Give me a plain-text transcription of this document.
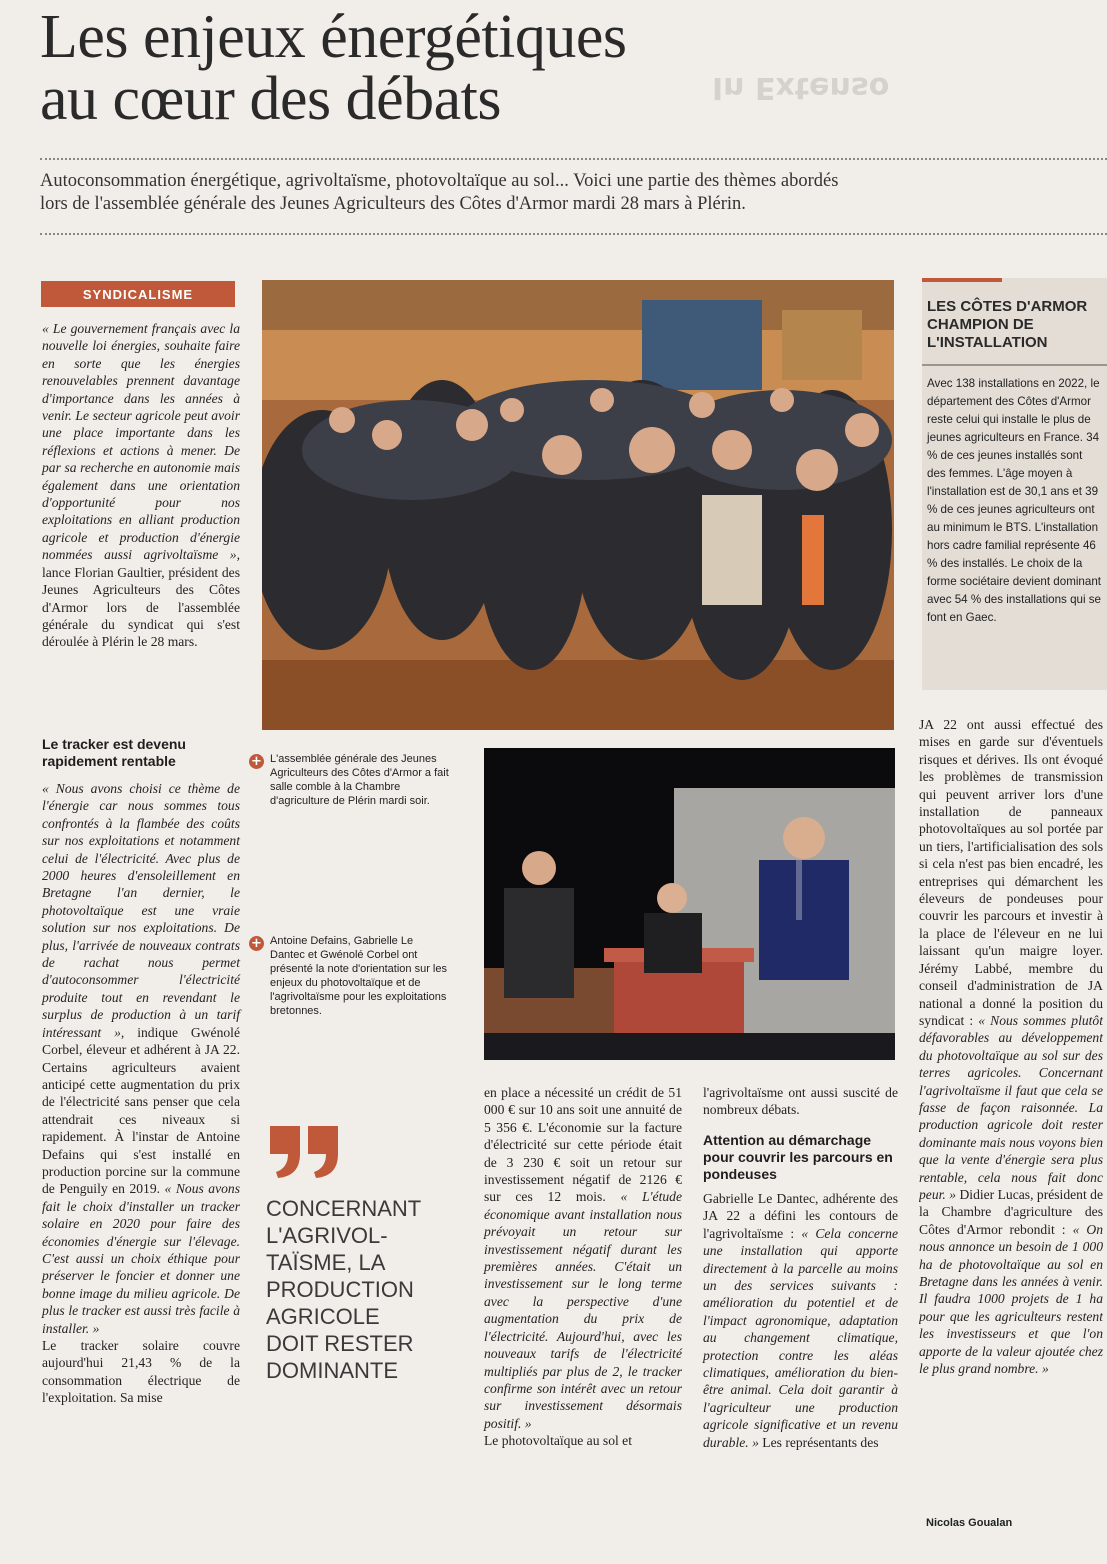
Les enjeux énergétiques
au cœur des débats	In Extenso

Autoconsommation énergétique, agrivoltaïsme, photovoltaïque au sol... Voici une partie des thèmes abordés
lors de l'assemblée générale des Jeunes Agriculteurs des Côtes d'Armor mardi 28 mars à Plérin.

SYNDICALISME

« Le gouvernement français avec la nouvelle loi énergies, souhaite faire en sorte que les énergies renouvelables prennent davantage d'importance dans les années à venir. Le secteur agricole peut avoir une place importante dans les réflexions et actions à mener. De par sa recherche en autonomie mais également dans une orientation d'opportunité pour nos exploitations en alliant production agricole et production d'énergie nommées aussi agrivoltaïsme », lance Florian Gaultier, président des Jeunes Agriculteurs des Côtes d'Armor lors de l'assemblée générale du syndicat qui s'est déroulée à Plérin le 28 mars.

Le tracker est devenu rapidement rentable

« Nous avons choisi ce thème de l'énergie car nous sommes tous confrontés à la flambée des coûts sur nos exploitations et notamment celui de l'électricité. Avec plus de 2000 heures d'ensoleillement en Bretagne l'an dernier, le photovoltaïque est une vraie solution sur nos exploitations. De plus, l'arrivée de nouveaux contrats de rachat nous permet d'autoconsommer l'électricité produite tout en revendant le surplus de production à un tarif intéressant », indique Gwénolé Corbel, éleveur et adhérent à JA 22. Certains agriculteurs avaient anticipé cette augmentation du prix de l'électricité sans penser que cela attendrait ces niveaux si rapidement. À l'instar de Antoine Defains qui s'est installé en production porcine sur la commune de Penguily en 2019. « Nous avons fait le choix d'installer un tracker solaire en 2020 pour faire des économies d'énergie sur l'élevage. C'est aussi un choix éthique pour préserver le foncier et donner une bonne image du milieu agricole. De plus le tracker est aussi très facile à installer. »

Le tracker solaire couvre aujourd'hui 21,43 % de la consommation électrique de l'exploitation. Sa mise

+ L'assemblée générale des Jeunes Agriculteurs des Côtes d'Armor a fait salle comble à la Chambre d'agriculture de Plérin mardi soir.
+ Antoine Defains, Gabrielle Le Dantec et Gwénolé Corbel ont présenté la note d'orientation sur les enjeux du photovoltaïque et de l'agrivoltaïsme pour les exploitations bretonnes.

CONCERNANT
L'AGRIVOL-
TAÏSME, LA
PRODUCTION
AGRICOLE
DOIT RESTER
DOMINANTE

en place a nécessité un crédit de 51 000 € sur 10 ans soit une annuité de 5 356 €. L'économie sur la facture d'électricité sur cette période était de 3 230 € soit un retour sur investissement négatif de 2126 € sur ces 12 mois. « L'étude économique avant installation nous prévoyait un retour sur investissement négatif durant les premières années. C'était un investissement sur le long terme avec la perspective d'une augmentation du prix de l'électricité. Aujourd'hui, avec les nouveaux tarifs de l'électricité multipliés par plus de 2, le tracker confirme son intérêt avec un retour sur investissement désormais positif. »

Le photovoltaïque au sol et

l'agrivoltaïsme ont aussi suscité de nombreux débats.

Attention au démarchage pour couvrir les parcours en pondeuses

Gabrielle Le Dantec, adhérente des JA 22 a défini les contours de l'agrivoltaïsme : « Cela concerne une installation qui apporte directement à la parcelle au moins un des services suivants : amélioration du potentiel et de l'impact agronomique, adaptation au changement climatique, protection contre les aléas climatiques, amélioration du bien-être animal. Cela doit garantir à l'agriculteur une production agricole significative et un revenu durable. » Les représentants des

LES CÔTES D'ARMOR
CHAMPION DE
L'INSTALLATION

Avec 138 installations en 2022, le département des Côtes d'Armor reste celui qui installe le plus de jeunes agriculteurs en France. 34 % de ces jeunes installés sont des femmes. L'âge moyen à l'installation est de 30,1 ans et 39 % de ces jeunes agriculteurs ont au minimum le BTS. L'installation hors cadre familial représente 46 % des installés. Le choix de la forme sociétaire devient dominant avec 54 % des installations qui se font en Gaec.

JA 22 ont aussi effectué des mises en garde sur d'éventuels risques et dérives. Ils ont évoqué les problèmes de transmission qui peuvent arriver lors d'une installation de panneaux photovoltaïques au sol portée par un tiers, l'artificialisation des sols si cela n'est pas bien encadré, les entreprises qui démarchent les éleveurs de pondeuses pour couvrir les parcours et investir à la place de l'éleveur en ne lui laissant qu'un maigre loyer. Jérémy Labbé, membre du conseil d'administration de JA national a donné la position du syndicat : « Nous sommes plutôt défavorables au développement du photovoltaïque au sol sur des terres agricoles. Concernant l'agrivoltaïsme il faut que cela se fasse de façon raisonnée. La production agricole doit rester dominante mais nous voyons bien que la vente d'énergie sera plus rentable, cela nous fait donc peur. » Didier Lucas, président de la Chambre d'agriculture des Côtes d'Armor rebondit : « On nous annonce un besoin de 1 000 ha de photovoltaïque au sol en Bretagne dans les années à venir. Il faudra 1000 projets de 1 ha pour que les agriculteurs restent les investisseurs et que l'on apporte de la valeur ajoutée chez le plus grand nombre. »

Nicolas Goualan
